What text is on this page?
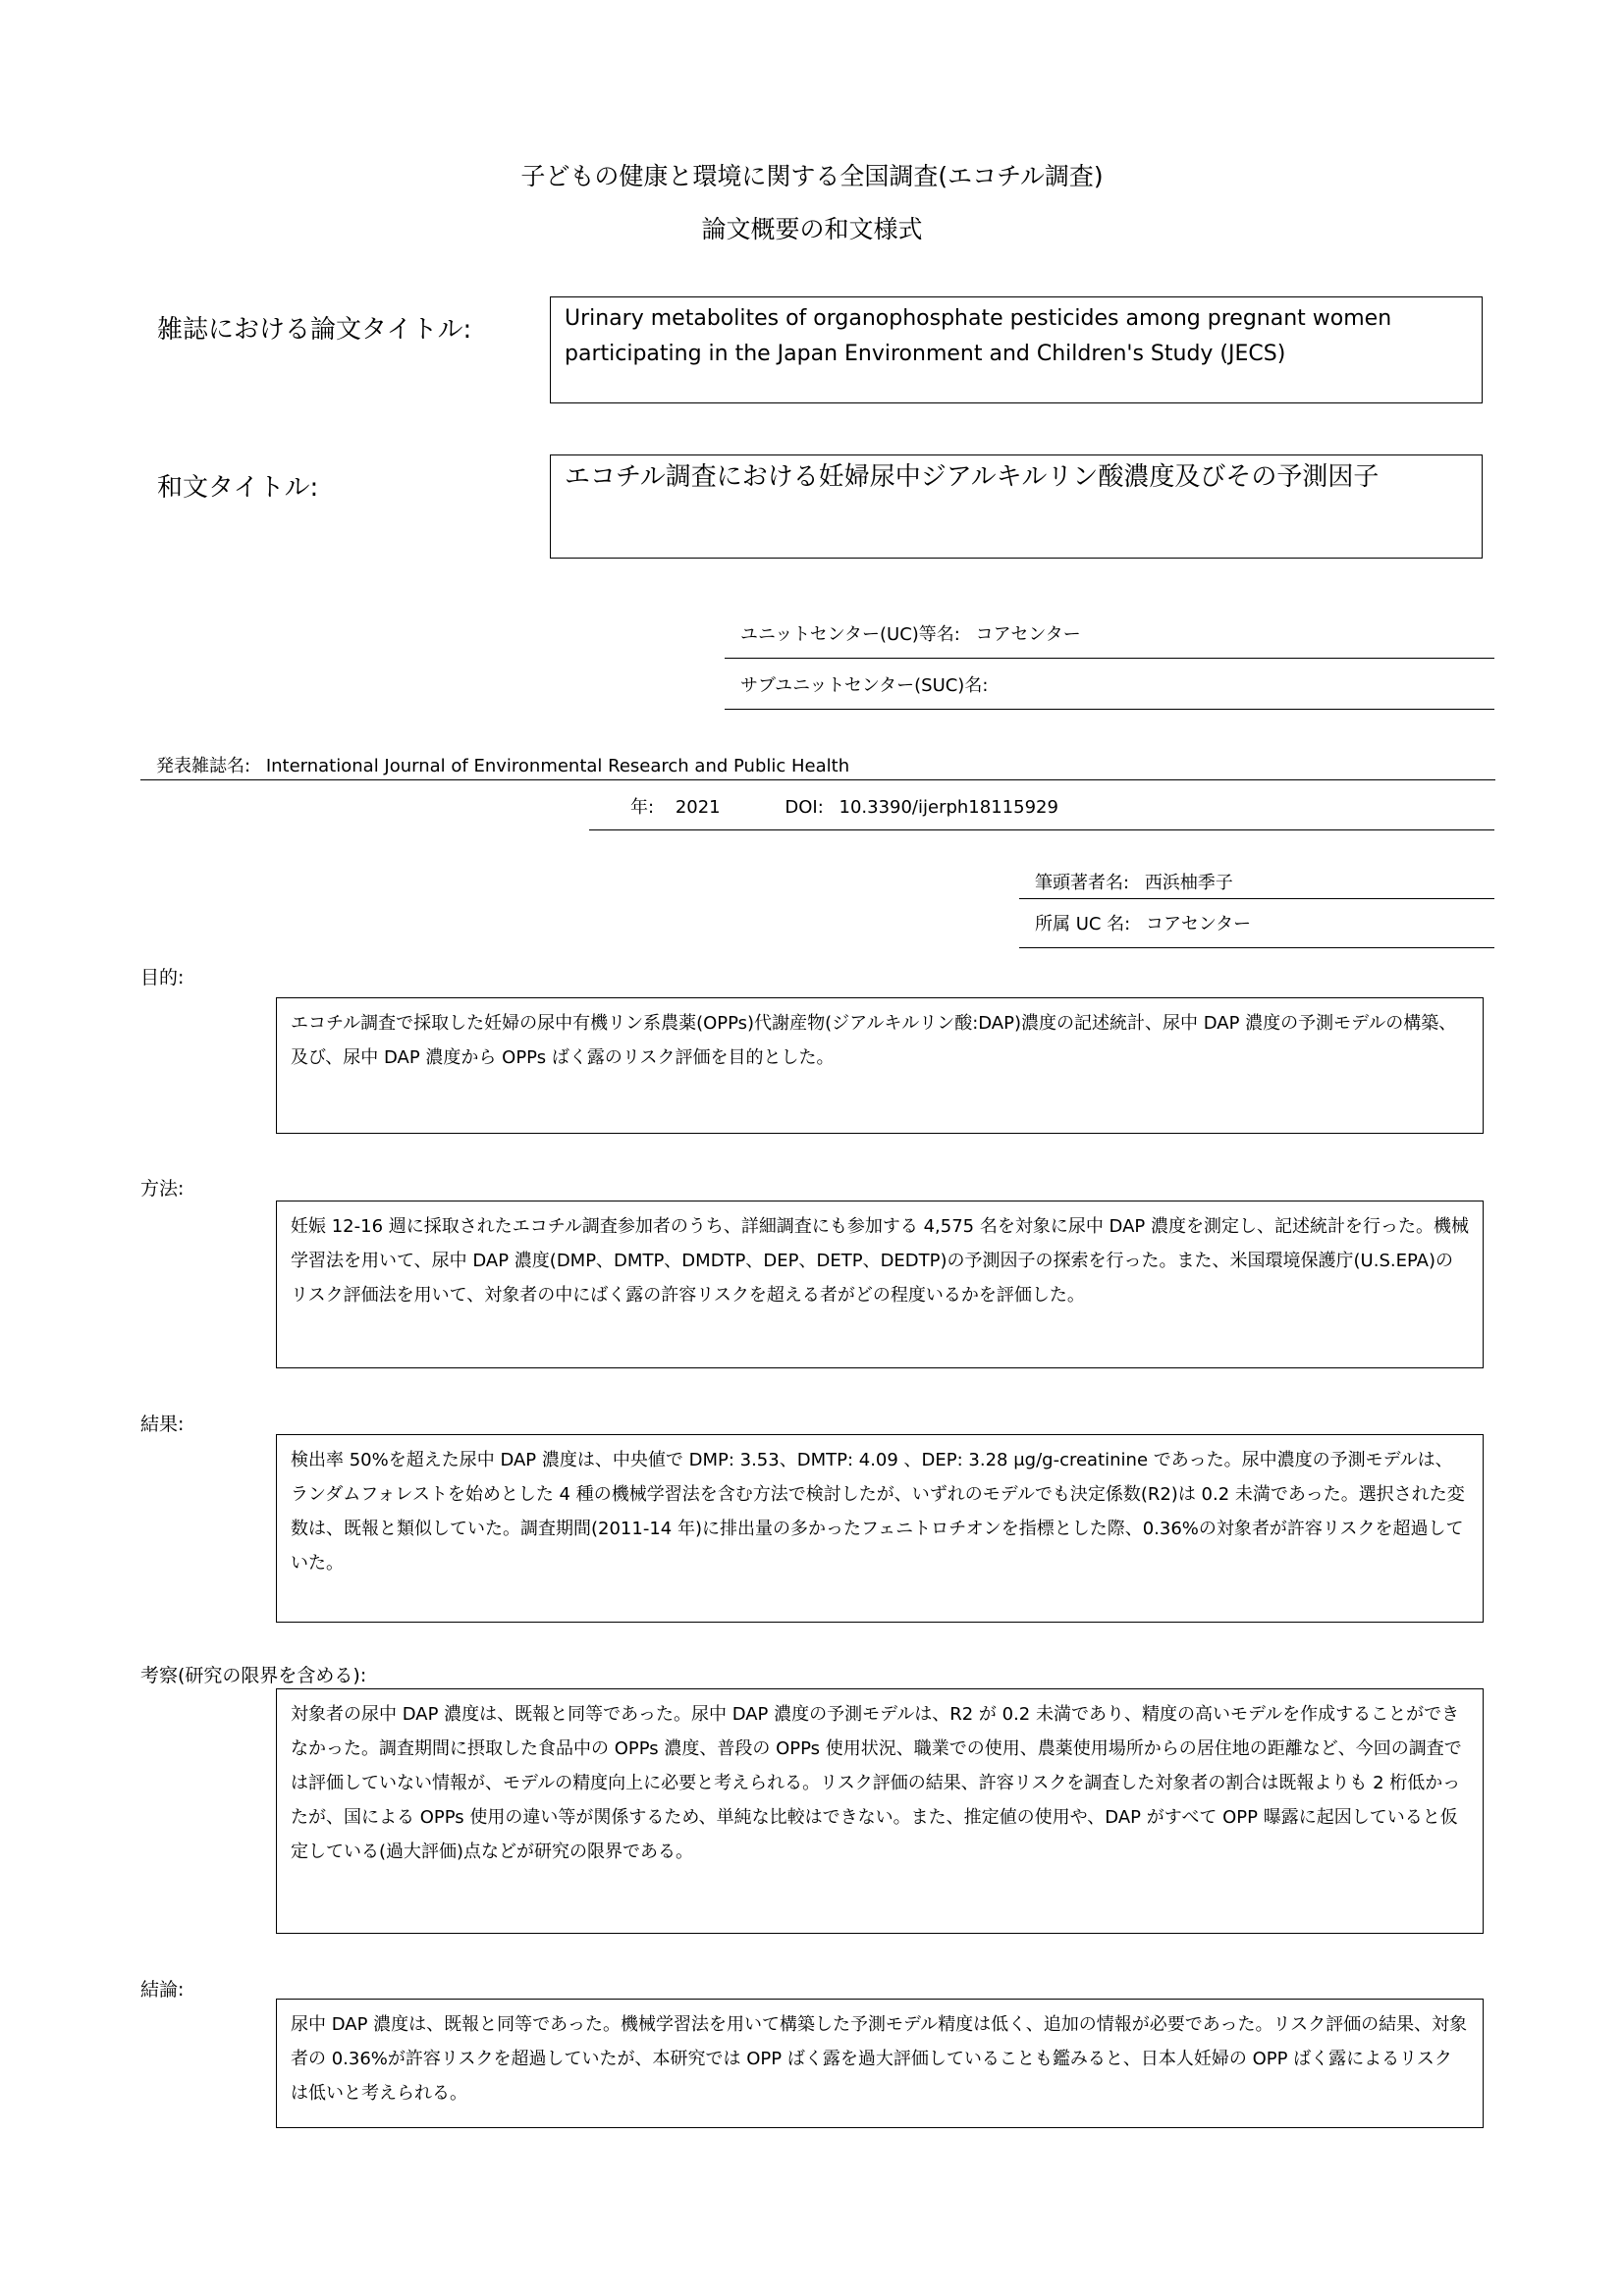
子どもの健康と環境に関する全国調査(エコチル調査)
論文概要の和文様式
雑誌における論文タイトル:	Urinary metabolites of organophosphate pesticides among pregnant women participating in the Japan Environment and Children's Study (JECS)
和文タイトル:	エコチル調査における妊婦尿中ジアルキルリン酸濃度及びその予測因子
ユニットセンター(UC)等名: コアセンター
サブユニットセンター(SUC)名:
発表雑誌名: International Journal of Environmental Research and Public Health
年: 2021	DOI: 10.3390/ijerph18115929
筆頭著者名: 西浜柚季子
所属 UC 名: コアセンター
目的:
エコチル調査で採取した妊婦の尿中有機リン系農薬(OPPs)代謝産物(ジアルキルリン酸:DAP)濃度の記述統計、尿中 DAP 濃度の予測モデルの構築、及び、尿中 DAP 濃度から OPPs ばく露のリスク評価を目的とした。
方法:
妊娠 12-16 週に採取されたエコチル調査参加者のうち、詳細調査にも参加する 4,575 名を対象に尿中 DAP 濃度を測定し、記述統計を行った。機械学習法を用いて、尿中 DAP 濃度(DMP、DMTP、DMDTP、DEP、DETP、DEDTP)の予測因子の探索を行った。また、米国環境保護庁(U.S.EPA)のリスク評価法を用いて、対象者の中にばく露の許容リスクを超える者がどの程度いるかを評価した。
結果:
検出率 50%を超えた尿中 DAP 濃度は、中央値で DMP: 3.53、DMTP: 4.09 、DEP: 3.28 μg/g-creatinine であった。尿中濃度の予測モデルは、ランダムフォレストを始めとした 4 種の機械学習法を含む方法で検討したが、いずれのモデルでも決定係数(R2)は 0.2 未満であった。選択された変数は、既報と類似していた。調査期間(2011-14 年)に排出量の多かったフェニトロチオンを指標とした際、0.36%の対象者が許容リスクを超過していた。
考察(研究の限界を含める):
対象者の尿中 DAP 濃度は、既報と同等であった。尿中 DAP 濃度の予測モデルは、R2 が 0.2 未満であり、精度の高いモデルを作成することができなかった。調査期間に摂取した食品中の OPPs 濃度、普段の OPPs 使用状況、職業での使用、農薬使用場所からの居住地の距離など、今回の調査では評価していない情報が、モデルの精度向上に必要と考えられる。リスク評価の結果、許容リスクを調査した対象者の割合は既報よりも 2 桁低かったが、国による OPPs 使用の違い等が関係するため、単純な比較はできない。また、推定値の使用や、DAP がすべて OPP 曝露に起因していると仮定している(過大評価)点などが研究の限界である。
結論:
尿中 DAP 濃度は、既報と同等であった。機械学習法を用いて構築した予測モデル精度は低く、追加の情報が必要であった。リスク評価の結果、対象者の 0.36%が許容リスクを超過していたが、本研究では OPP ばく露を過大評価していることも鑑みると、日本人妊婦の OPP ばく露によるリスクは低いと考えられる。
